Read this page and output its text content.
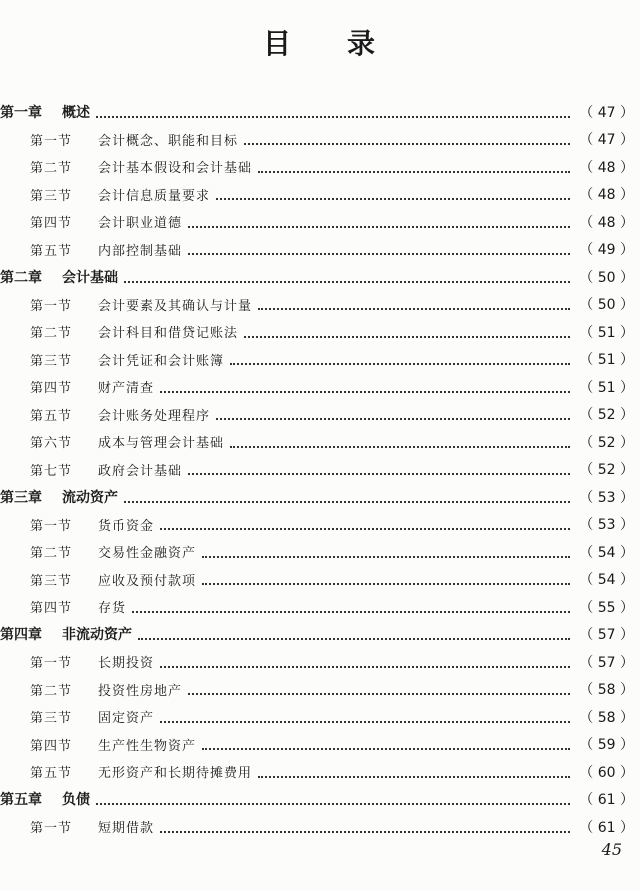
目 录
第一章	概述	（ 47 ）
第一节	会计概念、职能和目标	（ 47 ）
第二节	会计基本假设和会计基础	（ 48 ）
第三节	会计信息质量要求	（ 48 ）
第四节	会计职业道德	（ 48 ）
第五节	内部控制基础	（ 49 ）
第二章	会计基础	（ 50 ）
第一节	会计要素及其确认与计量	（ 50 ）
第二节	会计科目和借贷记账法	（ 51 ）
第三节	会计凭证和会计账簿	（ 51 ）
第四节	财产清查	（ 51 ）
第五节	会计账务处理程序	（ 52 ）
第六节	成本与管理会计基础	（ 52 ）
第七节	政府会计基础	（ 52 ）
第三章	流动资产	（ 53 ）
第一节	货币资金	（ 53 ）
第二节	交易性金融资产	（ 54 ）
第三节	应收及预付款项	（ 54 ）
第四节	存货	（ 55 ）
第四章	非流动资产	（ 57 ）
第一节	长期投资	（ 57 ）
第二节	投资性房地产	（ 58 ）
第三节	固定资产	（ 58 ）
第四节	生产性生物资产	（ 59 ）
第五节	无形资产和长期待摊费用	（ 60 ）
第五章	负债	（ 61 ）
第一节	短期借款	（ 61 ）
45
